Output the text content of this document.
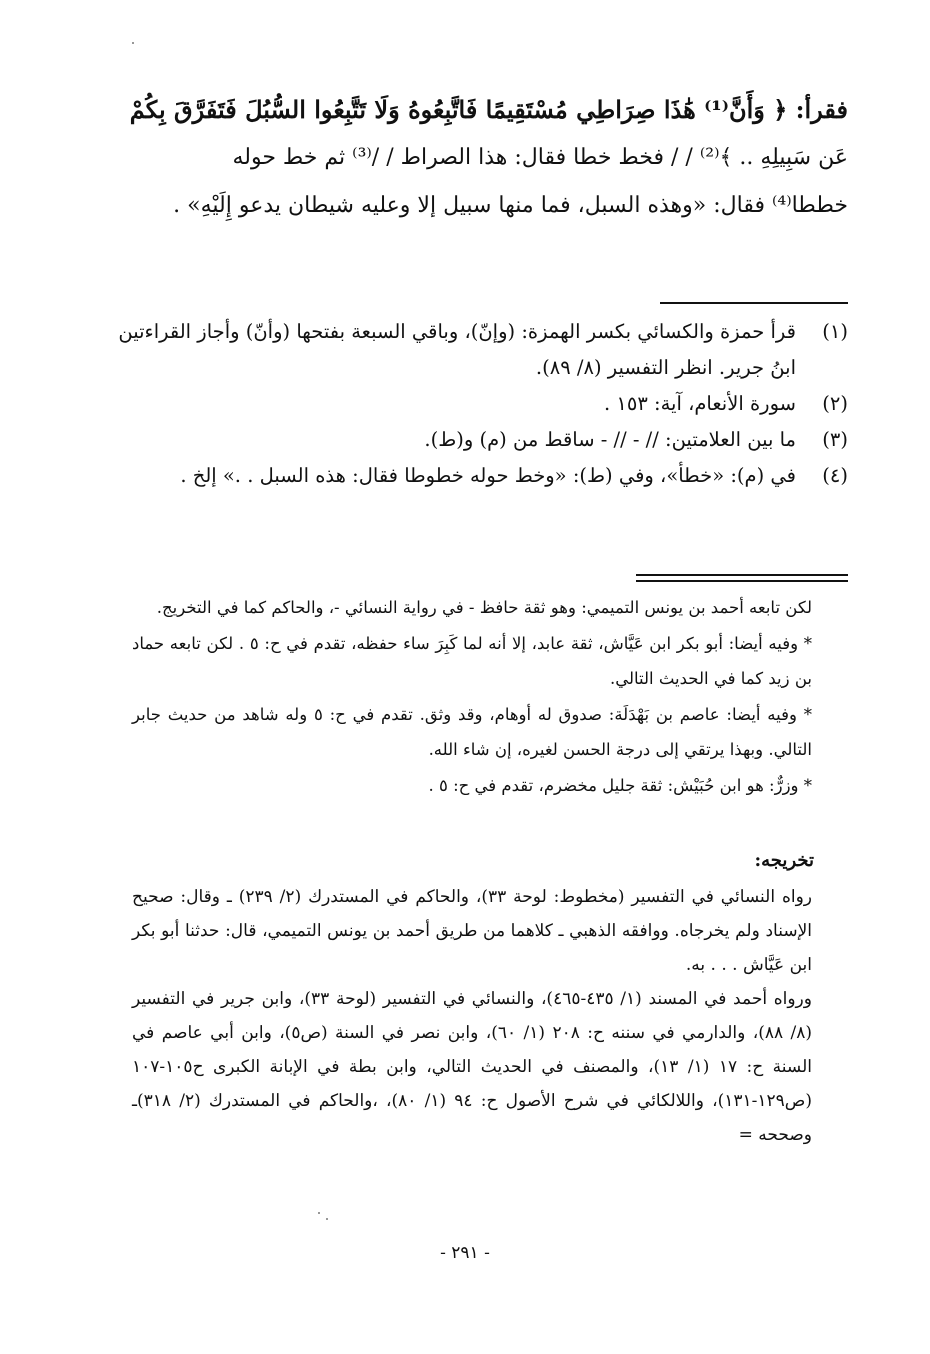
فقرأ: ﴿ وَأَنَّ⁽¹⁾ هَٰذَا صِرَاطِي مُسْتَقِيمًا فَاتَّبِعُوهُ وَلَا تَتَّبِعُوا السُّبُلَ فَتَفَرَّقَ بِكُمْ
عَن سَبِيلِهِ .. ﴾⁽²⁾ / / فخط خطا فقال: هذا الصراط / /⁽³⁾ ثم خط حوله
خططا⁽⁴⁾ فقال: «وهذه السبل، فما منها سبيل إلا وعليه شيطان يدعو إِلَيْهِ» .
(١)
قرأ حمزة والكسائي بكسر الهمزة: (وإنّ)، وباقي السبعة بفتحها (وأنّ) وأجاز القراءتين ابنُ جرير. انظر التفسير (٨/ ٨٩).
(٢)
سورة الأنعام، آية: ١٥٣ .
(٣)
ما بين العلامتين: // - // - ساقط من (م) و(ط).
(٤)
في (م): «خطأ»، وفي (ط): «وخط حوله خطوطا فقال: هذه السبل . .» إلخ .
لكن تابعه أحمد بن يونس التميمي: وهو ثقة حافظ - في رواية النسائي -، والحاكم كما في التخريج.
* وفيه أيضا: أبو بكر ابن عَيَّاش، ثقة عابد، إلا أنه لما كَبِرَ ساء حفظه، تقدم في ح: ٥ . لكن تابعه حماد بن زيد كما في الحديث التالي.
* وفيه أيضا: عاصم بن بَهْدَلَة: صدوق له أوهام، وقد وثق. تقدم في ح: ٥ وله شاهد من حديث جابر التالي. وبهذا يرتقي إلى درجة الحسن لغيره، إن شاء الله.
* وزرٌّ: هو ابن حُبَيْش: ثقة جليل مخضرم، تقدم في ح: ٥ .
تخريجه:
رواه النسائي في التفسير (مخطوط: لوحة ٣٣)، والحاكم في المستدرك (٢/ ٢٣٩) ـ وقال: صحيح الإسناد ولم يخرجاه. ووافقه الذهبي ـ كلاهما من طريق أحمد بن يونس التميمي، قال: حدثنا أبو بكر ابن عَيَّاش . . . به.
ورواه أحمد في المسند (١/ ٤٣٥-٤٦٥)، والنسائي في التفسير (لوحة ٣٣)، وابن جرير في التفسير (٨/ ٨٨)، والدارمي في سننه ح: ٢٠٨ (١/ ٦٠)، وابن نصر في السنة (ص٥)، وابن أبي عاصم في السنة ح: ١٧ (١/ ١٣)، والمصنف في الحديث التالي، وابن بطة في الإبانة الكبرى ح١٠٥-١٠٧ (ص١٢٩-١٣١)، واللالكائي في شرح الأصول ح: ٩٤ (١/ ٨٠)، ،والحاكم في المستدرك (٢/ ٣١٨)ـ وصححه =
- ٢٩١ -
